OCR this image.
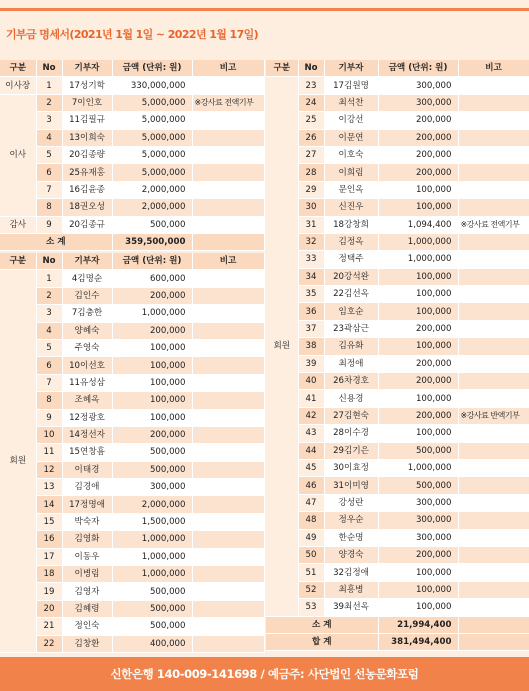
기부금 명세서(2021년 1월 1일 ~ 2022년 1월 17일)
구분	No	기부자	금액 (단위: 원)	비고
이사장	1	17성기학	330,000,000	
이사	2	7이인호	5,000,000	※강사료 전액기부
	3	11김필규	5,000,000	
	4	13이희숙	5,000,000	
	5	20김종량	5,000,000	
	6	25유재홍	5,000,000	
	7	16김윤종	2,000,000	
	8	18권오성	2,000,000	
감사	9	20김종규	500,000	
소 계			359,500,000	
구분	No	기부자	금액 (단위: 원)	비고
회원	1	4김명순	600,000	
	2	김인수	200,000	
	3	7김충한	1,000,000	
	4	양혜숙	200,000	
	5	주영숙	100,000	
	6	10이선호	100,000	
	7	11유성삼	100,000	
	8	조혜옥	100,000	
	9	12정광호	100,000	
	10	14정선자	200,000	
	11	15연창흠	500,000	
	12	이태경	500,000	
	13	김경애	300,000	
	14	17정명애	2,000,000	
	15	박숙자	1,500,000	
	16	김영화	1,000,000	
	17	이동우	1,000,000	
	18	이병림	1,000,000	
	19	김영자	500,000	
	20	김혜령	500,000	
	21	정인숙	500,000	
	22	김창환	400,000	
구분	No	기부자	금액 (단위: 원)	비고
회원	23	17김원명	300,000	
	24	최석찬	300,000	
	25	이강선	200,000	
	26	이문연	200,000	
	27	이호숙	200,000	
	28	이희림	200,000	
	29	문인옥	100,000	
	30	신진우	100,000	
	31	18강창희	1,094,400	※강사료 전액기부
	32	김정옥	1,000,000	
	33	정택주	1,000,000	
	34	20강석완	100,000	
	35	22김선옥	100,000	
	36	임호순	100,000	
	37	23곽삼근	200,000	
	38	김유화	100,000	
	39	최정애	200,000	
	40	26차경호	200,000	
	41	신용경	100,000	
	42	27김현숙	200,000	※강사료 반액기부
	43	28이수경	100,000	
	44	29김기은	500,000	
	45	30이효정	1,000,000	
	46	31이미영	500,000	
	47	강성란	300,000	
	48	정우순	300,000	
	49	한순명	300,000	
	50	양경숙	200,000	
	51	32김정애	100,000	
	52	최흥병	100,000	
	53	39최선옥	100,000	
소 계			21,994,400	
합 계			381,494,400	
신한은행 140-009-141698 / 예금주: 사단법인 선농문화포럼
